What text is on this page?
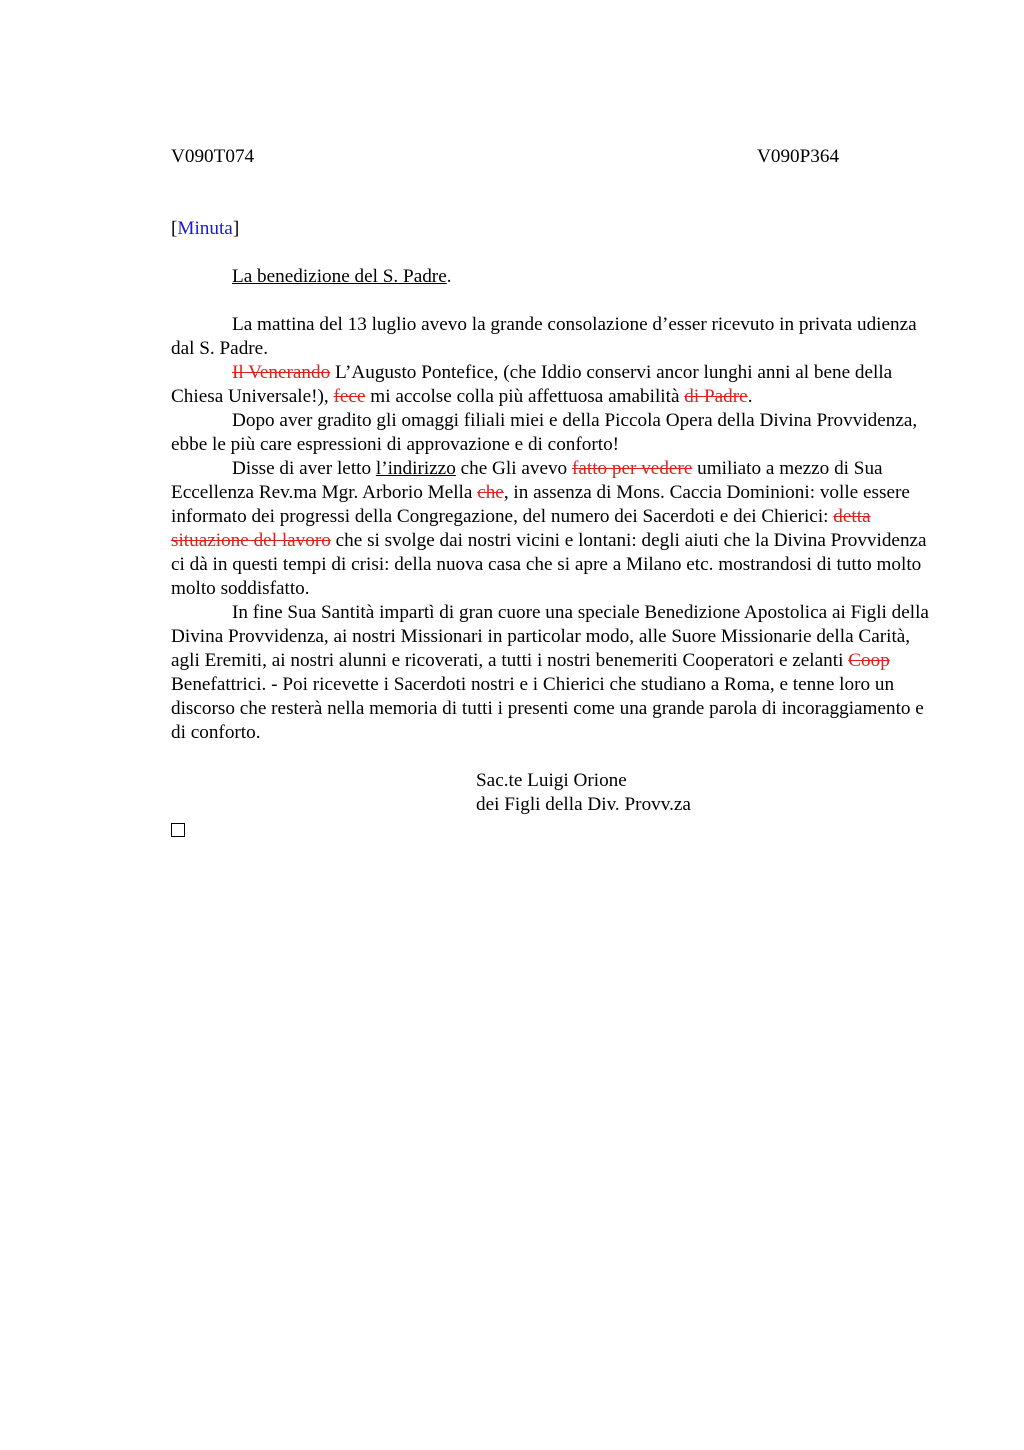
V090T074	V090P364
[Minuta]
La benedizione del S. Padre.

La mattina del 13 luglio avevo la grande consolazione d’esser ricevuto in privata udienza dal S. Padre.

Il Venerando L’Augusto Pontefice, (che Iddio conservi ancor lunghi anni al bene della Chiesa Universale!), fece mi accolse colla più affettuosa amabilità di Padre.

Dopo aver gradito gli omaggi filiali miei e della Piccola Opera della Divina Provvidenza, ebbe le più care espressioni di approvazione e di conforto!

Disse di aver letto l’indirizzo che Gli avevo fatto per vedere umiliato a mezzo di Sua Eccellenza Rev.ma Mgr. Arborio Mella che, in assenza di Mons. Caccia Dominioni: volle essere informato dei progressi della Congregazione, del numero dei Sacerdoti e dei Chierici: detta situazione del lavoro che si svolge dai nostri vicini e lontani: degli aiuti che la Divina Provvidenza ci dà in questi tempi di crisi: della nuova casa che si apre a Milano etc. mostrandosi di tutto molto molto soddisfatto.

In fine Sua Santità impartì di gran cuore una speciale Benedizione Apostolica ai Figli della Divina Provvidenza, ai nostri Missionari in particolar modo, alle Suore Missionarie della Carità, agli Eremiti, ai nostri alunni e ricoverati, a tutti i nostri benemeriti Cooperatori e zelanti Coop Benefattrici. - Poi ricevette i Sacerdoti nostri e i Chierici che studiano a Roma, e tenne loro un discorso che resterà nella memoria di tutti i presenti come una grande parola di incoraggiamento e di conforto.

Sac.te Luigi Orione
dei Figli della Div. Provv.za
